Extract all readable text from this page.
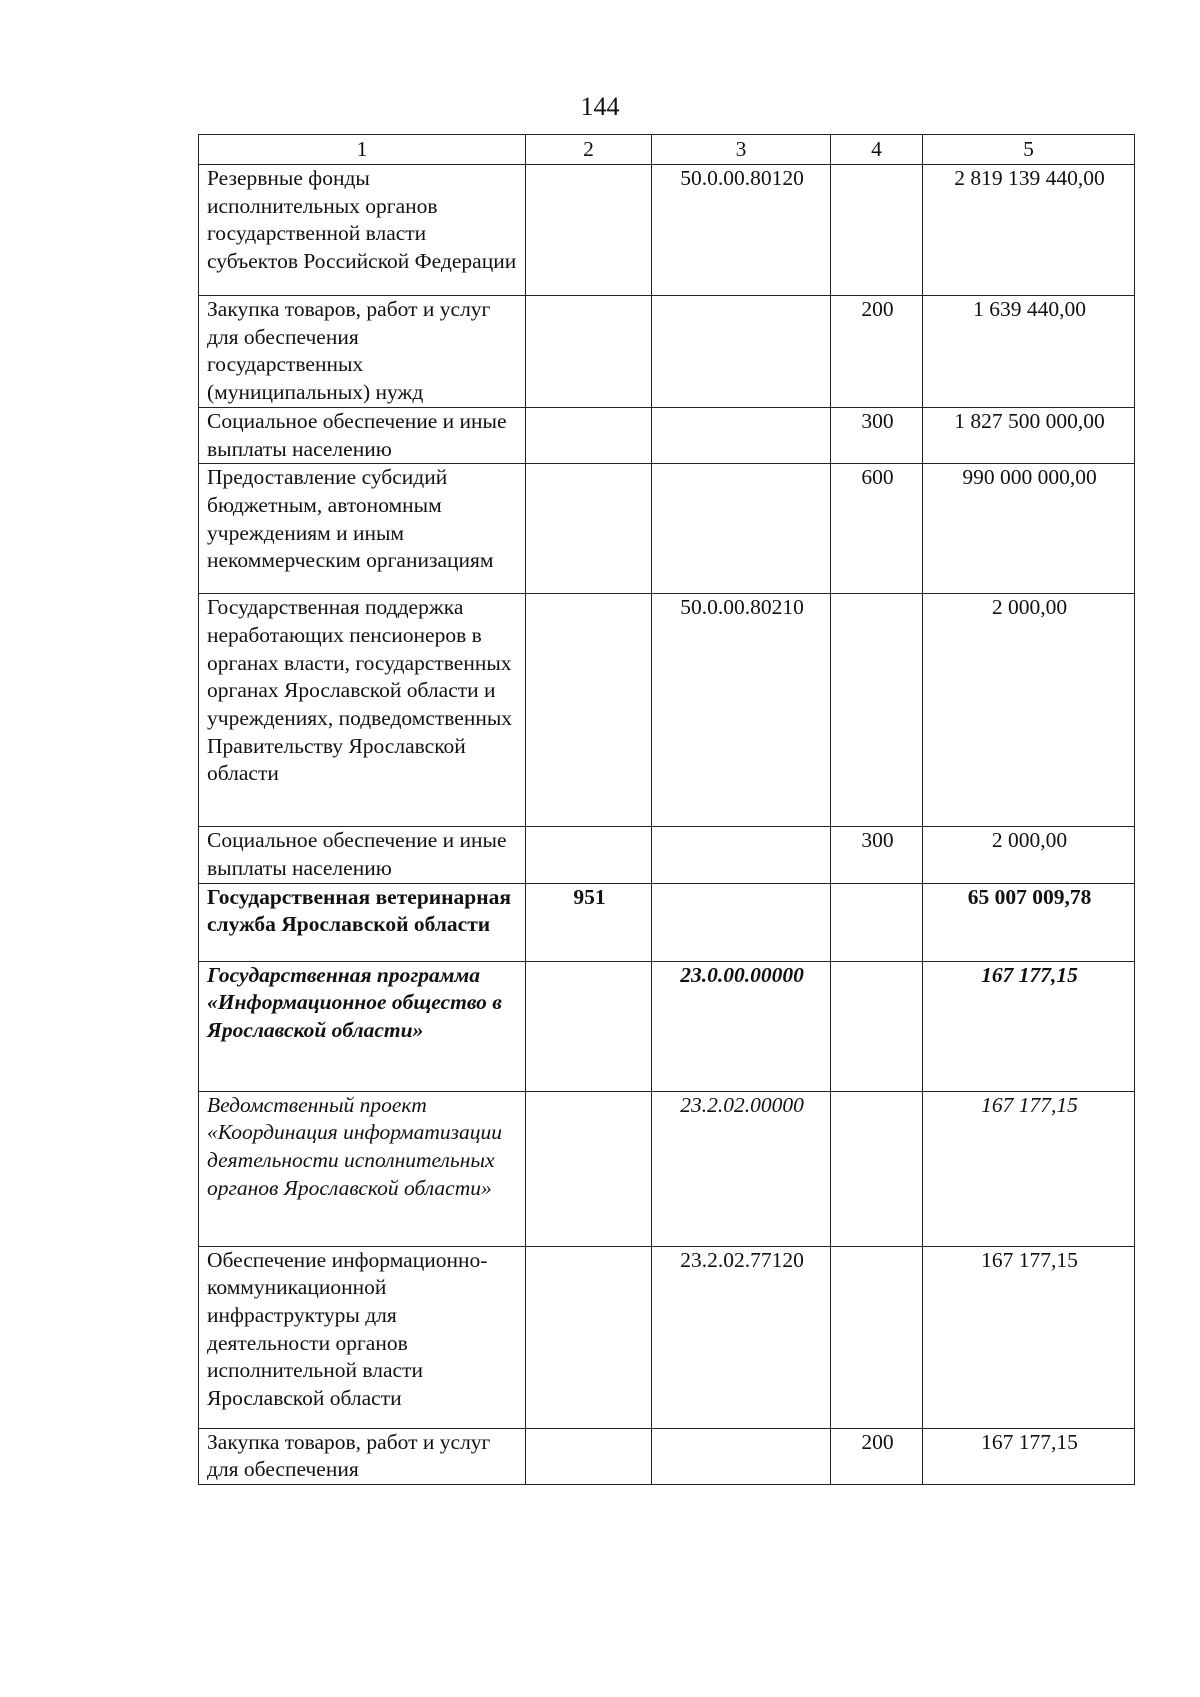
144
1	2	3	4	5
Резервные фонды исполнительных органов государственной власти субъектов Российской Федерации		50.0.00.80120		2 819 139 440,00
Закупка товаров, работ и услуг для обеспечения государственных (муниципальных) нужд			200	1 639 440,00
Социальное обеспечение и иные выплаты населению			300	1 827 500 000,00
Предоставление субсидий бюджетным, автономным учреждениям и иным некоммерческим организациям			600	990 000 000,00
Государственная поддержка неработающих пенсионеров в органах власти, государственных органах Ярославской области и учреждениях, подведомственных Правительству Ярославской области		50.0.00.80210		2 000,00
Социальное обеспечение и иные выплаты населению			300	2 000,00
Государственная ветеринарная служба Ярославской области	951			65 007 009,78
Государственная программа «Информационное общество в Ярославской области»		23.0.00.00000		167 177,15
Ведомственный проект «Координация информатизации деятельности исполнительных органов Ярославской области»		23.2.02.00000		167 177,15
Обеспечение информационно-коммуникационной инфраструктуры для деятельности органов исполнительной власти Ярославской области		23.2.02.77120		167 177,15
Закупка товаров, работ и услуг для обеспечения			200	167 177,15
